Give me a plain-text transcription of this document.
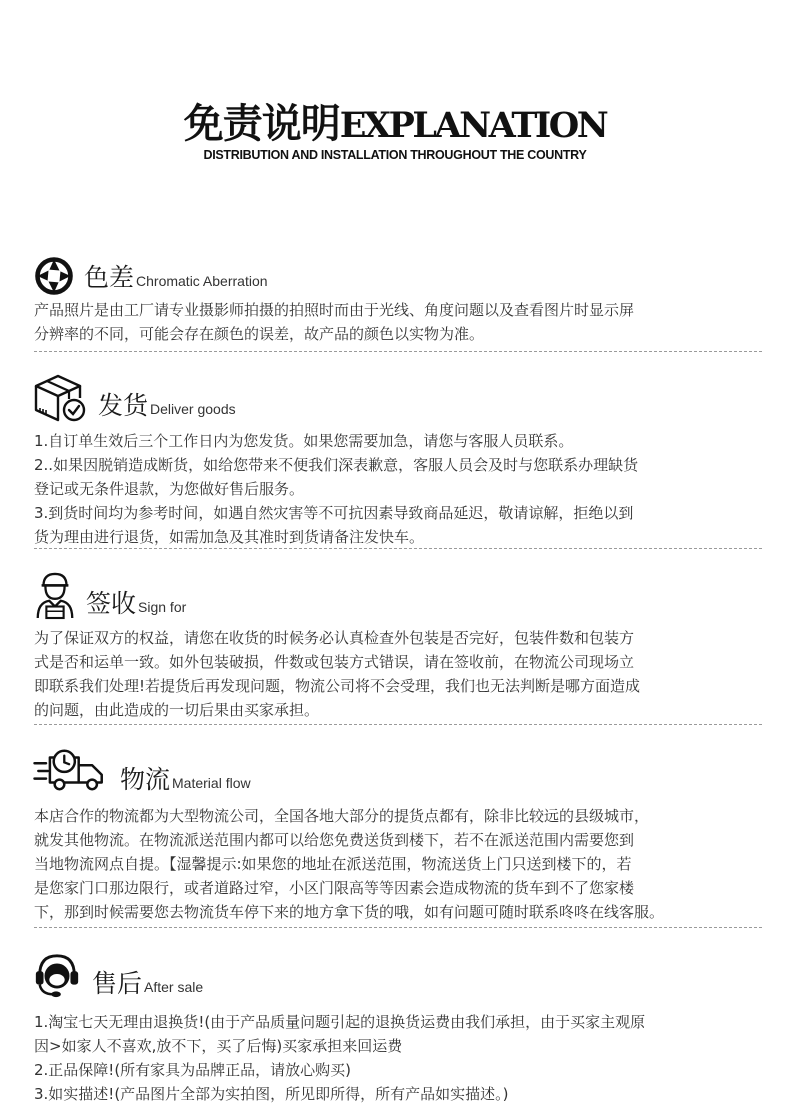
免责说明EXPLANATION
DISTRIBUTION AND INSTALLATION THROUGHOUT THE COUNTRY
色差 Chromatic Aberration

产品照片是由工厂请专业摄影师拍摄的拍照时而由于光线、角度问题以及查看图片时显示屏

分辨率的不同，可能会存在颜色的误差，故产品的颜色以实物为准。

发货 Deliver goods

1.自订单生效后三个工作日内为您发货。如果您需要加急，请您与客服人员联系。

2..如果因脱销造成断货，如给您带来不便我们深表歉意，客服人员会及时与您联系办理缺货

登记或无条件退款，为您做好售后服务。

3.到货时间均为参考时间，如遇自然灾害等不可抗因素导致商品延迟，敬请谅解，拒绝以到

货为理由进行退货，如需加急及其准时到货请备注发快车。

签收 Sign for

为了保证双方的权益，请您在收货的时候务必认真检查外包装是否完好，包装件数和包装方

式是否和运单一致。如外包装破损，件数或包装方式错误，请在签收前，在物流公司现场立

即联系我们处理!若提货后再发现问题，物流公司将不会受理，我们也无法判断是哪方面造成

的问题，由此造成的一切后果由买家承担。

物流 Material flow

本店合作的物流都为大型物流公司，全国各地大部分的提货点都有，除非比较远的县级城市，

就发其他物流。在物流派送范围内都可以给您免费送货到楼下，若不在派送范围内需要您到

当地物流网点自提。【湿馨提示:如果您的地址在派送范围，物流送货上门只送到楼下的，若

是您家门口那边限行，或者道路过窄，小区门限高等等因素会造成物流的货车到不了您家楼

下，那到时候需要您去物流货车停下来的地方拿下货的哦，如有问题可随时联系咚咚在线客服。

售后 After sale

1.淘宝七天无理由退换货!(由于产品质量问题引起的退换货运费由我们承担，由于买家主观原

因>如家人不喜欢,放不下，买了后悔)买家承担来回运费

2.正品保障!(所有家具为品牌正品，请放心购买)

3.如实描述!(产品图片全部为实拍图，所见即所得，所有产品如实描述。)
